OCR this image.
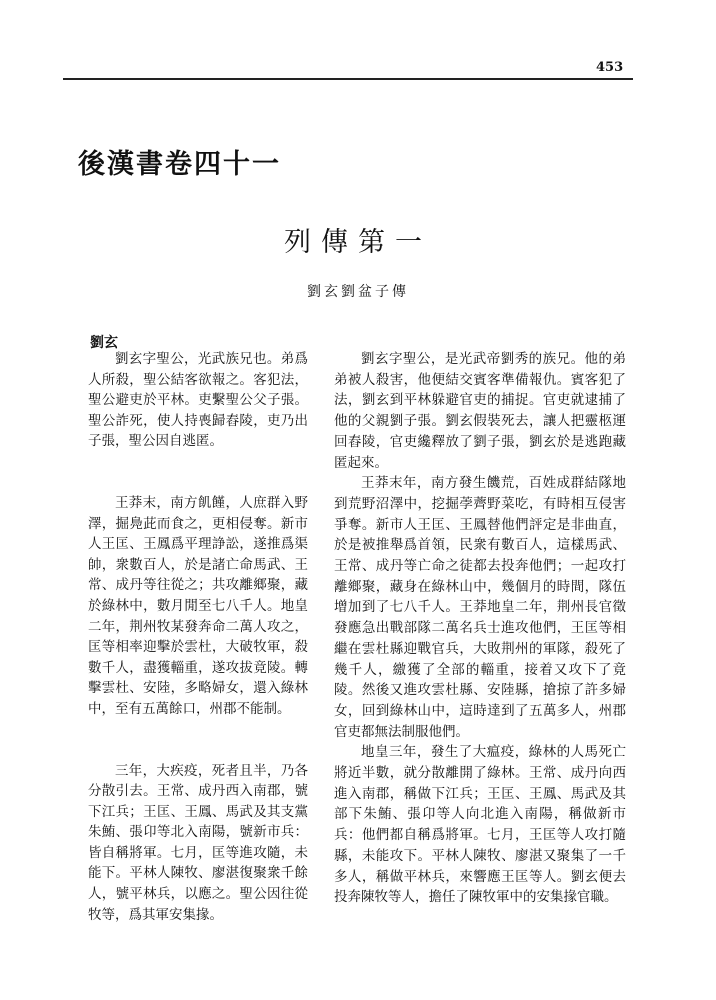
453
後漢書卷四十一
列傳第一
劉玄劉盆子傳
劉玄

劉玄字聖公，光武族兄也。弟爲人所殺，聖公結客欲報之。客犯法，聖公避吏於平林。吏繫聖公父子張。聖公詐死，使人持喪歸舂陵，吏乃出子張，聖公因自逃匿。

王莽末，南方飢饉，人庶群入野澤，掘鳧茈而食之，更相侵奪。新市人王匡、王鳳爲平理諍訟，遂推爲渠帥，衆數百人，於是諸亡命馬武、王常、成丹等往從之；共攻離鄉聚，藏於綠林中，數月閒至七八千人。地皇二年，荆州牧某發奔命二萬人攻之，匡等相率迎擊於雲杜，大破牧軍，殺數千人，盡獲輜重，遂攻拔竟陵。轉擊雲杜、安陸，多略婦女，還入綠林中，至有五萬餘口，州郡不能制。

三年，大疾疫，死者且半，乃各分散引去。王常、成丹西入南郡，號下江兵；王匡、王鳳、馬武及其支黨朱鮪、張卬等北入南陽，號新市兵：皆自稱將軍。七月，匡等進攻隨，未能下。平林人陳牧、廖湛復聚衆千餘人，號平林兵，以應之。聖公因往從牧等，爲其軍安集掾。

劉玄字聖公，是光武帝劉秀的族兄。他的弟弟被人殺害，他便結交賓客準備報仇。賓客犯了法，劉玄到平林躲避官吏的捕捉。官吏就逮捕了他的父親劉子張。劉玄假裝死去，讓人把靈柩運回舂陵，官吏纔釋放了劉子張，劉玄於是逃跑藏匿起來。

王莽末年，南方發生饑荒，百姓成群結隊地到荒野沼澤中，挖掘荸薺野菜吃，有時相互侵害爭奪。新市人王匡、王鳳替他們評定是非曲直，於是被推舉爲首領，民衆有數百人，這樣馬武、王常、成丹等亡命之徒都去投奔他們；一起攻打離鄉聚，藏身在綠林山中，幾個月的時間，隊伍增加到了七八千人。王莽地皇二年，荆州長官徵發應急出戰部隊二萬名兵士進攻他們，王匡等相繼在雲杜縣迎戰官兵，大敗荆州的軍隊，殺死了幾千人，繳獲了全部的輜重，接着又攻下了竟陵。然後又進攻雲杜縣、安陸縣，搶掠了許多婦女，回到綠林山中，這時達到了五萬多人，州郡官吏都無法制服他們。

地皇三年，發生了大瘟疫，綠林的人馬死亡將近半數，就分散離開了綠林。王常、成丹向西進入南郡，稱做下江兵；王匡、王鳳、馬武及其部下朱鮪、張卬等人向北進入南陽，稱做新市兵：他們都自稱爲將軍。七月，王匡等人攻打隨縣，未能攻下。平林人陳牧、廖湛又聚集了一千多人，稱做平林兵，來響應王匡等人。劉玄便去投奔陳牧等人，擔任了陳牧軍中的安集掾官職。
